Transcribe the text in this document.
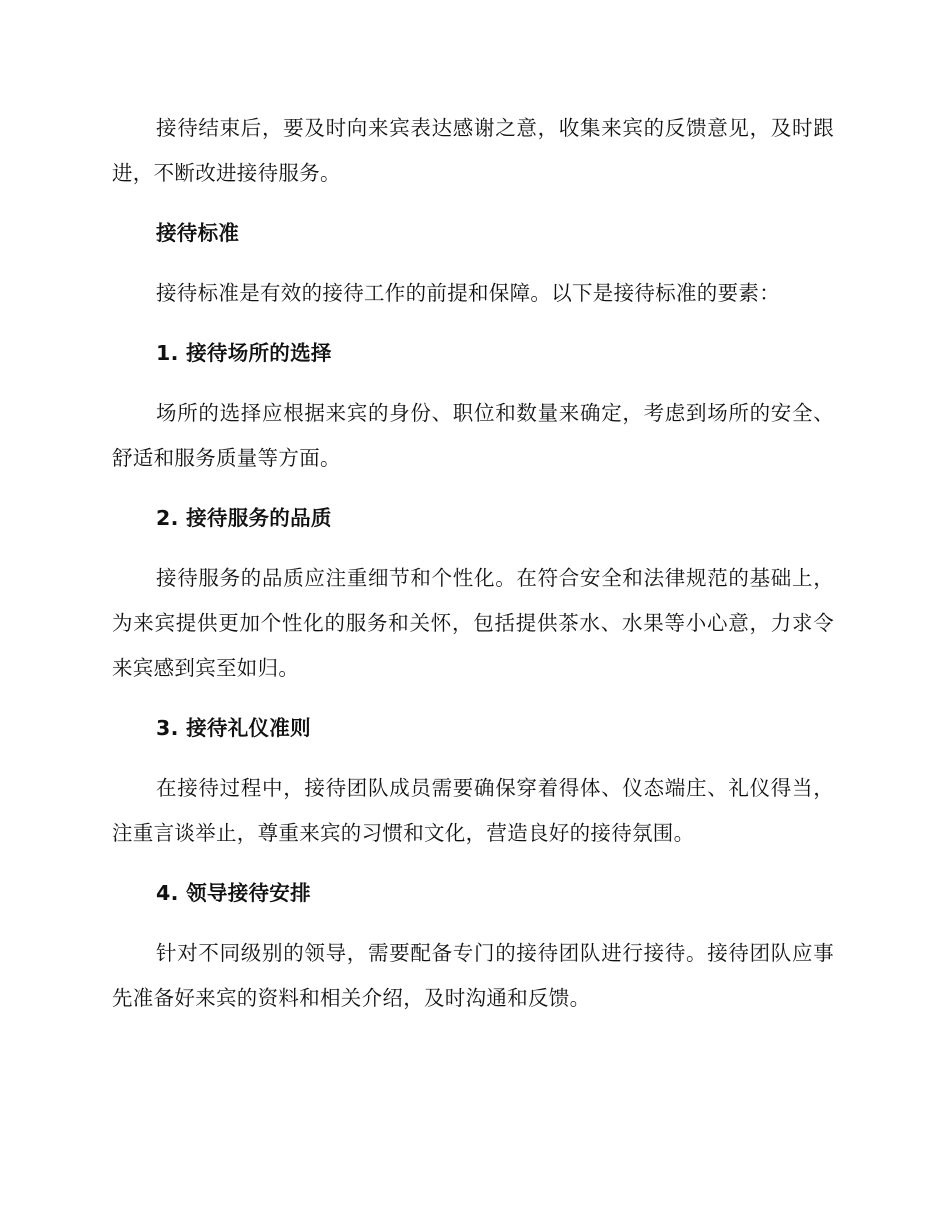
接待结束后，要及时向来宾表达感谢之意，收集来宾的反馈意见，及时跟进，不断改进接待服务。

接待标准

接待标准是有效的接待工作的前提和保障。以下是接待标准的要素：

1. 接待场所的选择

场所的选择应根据来宾的身份、职位和数量来确定，考虑到场所的安全、舒适和服务质量等方面。

2. 接待服务的品质

接待服务的品质应注重细节和个性化。在符合安全和法律规范的基础上，为来宾提供更加个性化的服务和关怀，包括提供茶水、水果等小心意，力求令来宾感到宾至如归。

3. 接待礼仪准则

在接待过程中，接待团队成员需要确保穿着得体、仪态端庄、礼仪得当，注重言谈举止，尊重来宾的习惯和文化，营造良好的接待氛围。

4. 领导接待安排

针对不同级别的领导，需要配备专门的接待团队进行接待。接待团队应事先准备好来宾的资料和相关介绍，及时沟通和反馈。
